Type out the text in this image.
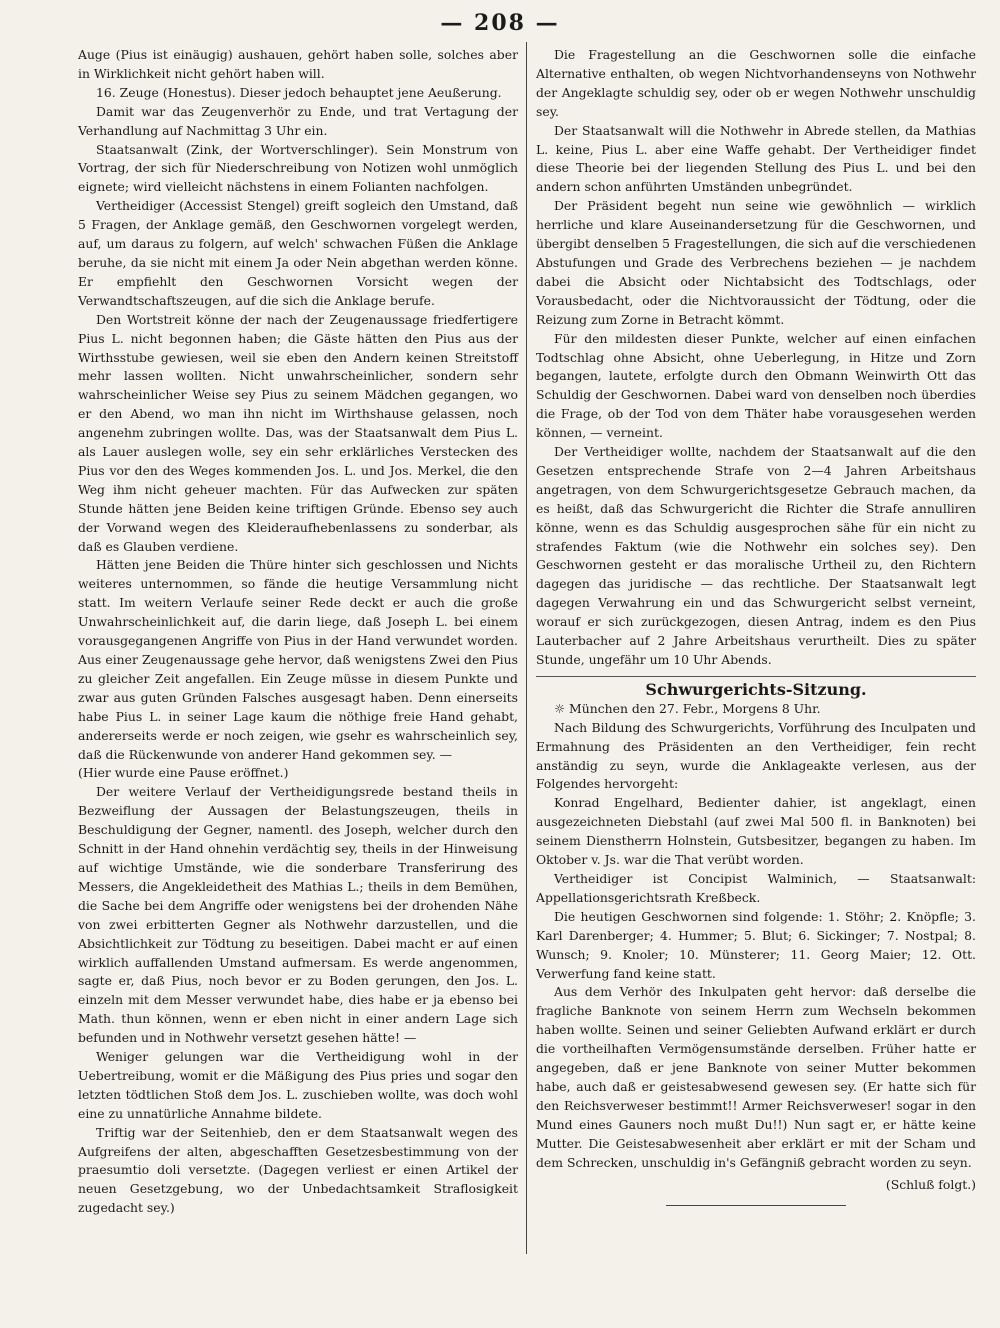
— 208 —

Auge (Pius ist einäugig) aushauen, gehört haben solle, solches aber in Wirklichkeit nicht gehört haben will.

16. Zeuge (Honestus). Dieser jedoch behauptet jene Aeußerung.

Damit war das Zeugenverhör zu Ende, und trat Vertagung der Verhandlung auf Nachmittag 3 Uhr ein.

Staatsanwalt (Zink, der Wortverschlinger). Sein Monstrum von Vortrag, der sich für Niederschreibung von Notizen wohl unmöglich eignete; wird vielleicht nächstens in einem Folianten nachfolgen.

Vertheidiger (Accessist Stengel) greift sogleich den Umstand, daß 5 Fragen, der Anklage gemäß, den Geschwornen vorgelegt werden, auf, um daraus zu folgern, auf welch' schwachen Füßen die Anklage beruhe, da sie nicht mit einem Ja oder Nein abgethan werden könne. Er empfiehlt den Geschwornen Vorsicht wegen der Verwandtschaftszeugen, auf die sich die Anklage berufe.

Den Wortstreit könne der nach der Zeugenaussage friedfertigere Pius L. nicht begonnen haben; die Gäste hätten den Pius aus der Wirthsstube gewiesen, weil sie eben den Andern keinen Streitstoff mehr lassen wollten. Nicht unwahrscheinlicher, sondern sehr wahrscheinlicher Weise sey Pius zu seinem Mädchen gegangen, wo er den Abend, wo man ihn nicht im Wirthshause gelassen, noch angenehm zubringen wollte. Das, was der Staatsanwalt dem Pius L. als Lauer auslegen wolle, sey ein sehr erklärliches Verstecken des Pius vor den des Weges kommenden Jos. L. und Jos. Merkel, die den Weg ihm nicht geheuer machten. Für das Aufwecken zur späten Stunde hätten jene Beiden keine triftigen Gründe. Ebenso sey auch der Vorwand wegen des Kleideraufhebenlassens zu sonderbar, als daß es Glauben verdiene.

Hätten jene Beiden die Thüre hinter sich geschlossen und Nichts weiteres unternommen, so fände die heutige Versammlung nicht statt. Im weitern Verlaufe seiner Rede deckt er auch die große Unwahrscheinlichkeit auf, die darin liege, daß Joseph L. bei einem vorausgegangenen Angriffe von Pius in der Hand verwundet worden. Aus einer Zeugenaussage gehe hervor, daß wenigstens Zwei den Pius zu gleicher Zeit angefallen. Ein Zeuge müsse in diesem Punkte und zwar aus guten Gründen Falsches ausgesagt haben. Denn einerseits habe Pius L. in seiner Lage kaum die nöthige freie Hand gehabt, andererseits werde er noch zeigen, wie gsehr es wahrscheinlich sey, daß die Rückenwunde von anderer Hand gekommen sey. —

(Hier wurde eine Pause eröffnet.)

Der weitere Verlauf der Vertheidigungsrede bestand theils in Bezweiflung der Aussagen der Belastungszeugen, theils in Beschuldigung der Gegner, namentl. des Joseph, welcher durch den Schnitt in der Hand ohnehin verdächtig sey, theils in der Hinweisung auf wichtige Umstände, wie die sonderbare Transferirung des Messers, die Angekleidetheit des Mathias L.; theils in dem Bemühen, die Sache bei dem Angriffe oder wenigstens bei der drohenden Nähe von zwei erbitterten Gegner als Nothwehr darzustellen, und die Absichtlichkeit zur Tödtung zu beseitigen. Dabei macht er auf einen wirklich auffallenden Umstand aufmersam. Es werde angenommen, sagte er, daß Pius, noch bevor er zu Boden gerungen, den Jos. L. einzeln mit dem Messer verwundet habe, dies habe er ja ebenso bei Math. thun können, wenn er eben nicht in einer andern Lage sich befunden und in Nothwehr versetzt gesehen hätte! —

Weniger gelungen war die Vertheidigung wohl in der Uebertreibung, womit er die Mäßigung des Pius pries und sogar den letzten tödtlichen Stoß dem Jos. L. zuschieben wollte, was doch wohl eine zu unnatürliche Annahme bildete.

Triftig war der Seitenhieb, den er dem Staatsanwalt wegen des Aufgreifens der alten, abgeschafften Gesetzesbestimmung von der praesumtio doli versetzte. (Dagegen verliest er einen Artikel der neuen Gesetzgebung, wo der Unbedachtsamkeit Straflosigkeit zugedacht sey.)

Die Fragestellung an die Geschwornen solle die einfache Alternative enthalten, ob wegen Nichtvorhandenseyns von Nothwehr der Angeklagte schuldig sey, oder ob er wegen Nothwehr unschuldig sey.

Der Staatsanwalt will die Nothwehr in Abrede stellen, da Mathias L. keine, Pius L. aber eine Waffe gehabt. Der Vertheidiger findet diese Theorie bei der liegenden Stellung des Pius L. und bei den andern schon anführten Umständen unbegründet.

Der Präsident begeht nun seine wie gewöhnlich — wirklich herrliche und klare Auseinandersetzung für die Geschwornen, und übergibt denselben 5 Fragestellungen, die sich auf die verschiedenen Abstufungen und Grade des Verbrechens beziehen — je nachdem dabei die Absicht oder Nichtabsicht des Todtschlags, oder Vorausbedacht, oder die Nichtvoraussicht der Tödtung, oder die Reizung zum Zorne in Betracht kömmt.

Für den mildesten dieser Punkte, welcher auf einen einfachen Todtschlag ohne Absicht, ohne Ueberlegung, in Hitze und Zorn begangen, lautete, erfolgte durch den Obmann Weinwirth Ott das Schuldig der Geschwornen. Dabei ward von denselben noch überdies die Frage, ob der Tod von dem Thäter habe vorausgesehen werden können, — verneint.

Der Vertheidiger wollte, nachdem der Staatsanwalt auf die den Gesetzen entsprechende Strafe von 2—4 Jahren Arbeitshaus angetragen, von dem Schwurgerichtsgesetze Gebrauch machen, da es heißt, daß das Schwurgericht die Richter die Strafe annulliren könne, wenn es das Schuldig ausgesprochen sähe für ein nicht zu strafendes Faktum (wie die Nothwehr ein solches sey). Den Geschwornen gesteht er das moralische Urtheil zu, den Richtern dagegen das juridische — das rechtliche. Der Staatsanwalt legt dagegen Verwahrung ein und das Schwurgericht selbst verneint, worauf er sich zurückgezogen, diesen Antrag, indem es den Pius Lauterbacher auf 2 Jahre Arbeitshaus verurtheilt. Dies zu später Stunde, ungefähr um 10 Uhr Abends.

Schwurgerichts-Sitzung.

☼ München den 27. Febr., Morgens 8 Uhr.

Nach Bildung des Schwurgerichts, Vorführung des Inculpaten und Ermahnung des Präsidenten an den Vertheidiger, fein recht anständig zu seyn, wurde die Anklageakte verlesen, aus der Folgendes hervorgeht:

Konrad Engelhard, Bedienter dahier, ist angeklagt, einen ausgezeichneten Diebstahl (auf zwei Mal 500 fl. in Banknoten) bei seinem Dienstherrn Holnstein, Gutsbesitzer, begangen zu haben. Im Oktober v. Js. war die That verübt worden.

Vertheidiger ist Concipist Walminich, — Staatsanwalt: Appellationsgerichtsrath Kreßbeck.

Die heutigen Geschwornen sind folgende: 1. Stöhr; 2. Knöpfle; 3. Karl Darenberger; 4. Hummer; 5. Blut; 6. Sickinger; 7. Nostpal; 8. Wunsch; 9. Knoler; 10. Münsterer; 11. Georg Maier; 12. Ott. Verwerfung fand keine statt.

Aus dem Verhör des Inkulpaten geht hervor: daß derselbe die fragliche Banknote von seinem Herrn zum Wechseln bekommen haben wollte. Seinen und seiner Geliebten Aufwand erklärt er durch die vortheilhaften Vermögensumstände derselben. Früher hatte er angegeben, daß er jene Banknote von seiner Mutter bekommen habe, auch daß er geistesabwesend gewesen sey. (Er hatte sich für den Reichsverweser bestimmt!! Armer Reichsverweser! sogar in den Mund eines Gauners noch mußt Du!!) Nun sagt er, er hätte keine Mutter. Die Geistesabwesenheit aber erklärt er mit der Scham und dem Schrecken, unschuldig in's Gefängniß gebracht worden zu seyn.

(Schluß folgt.)
